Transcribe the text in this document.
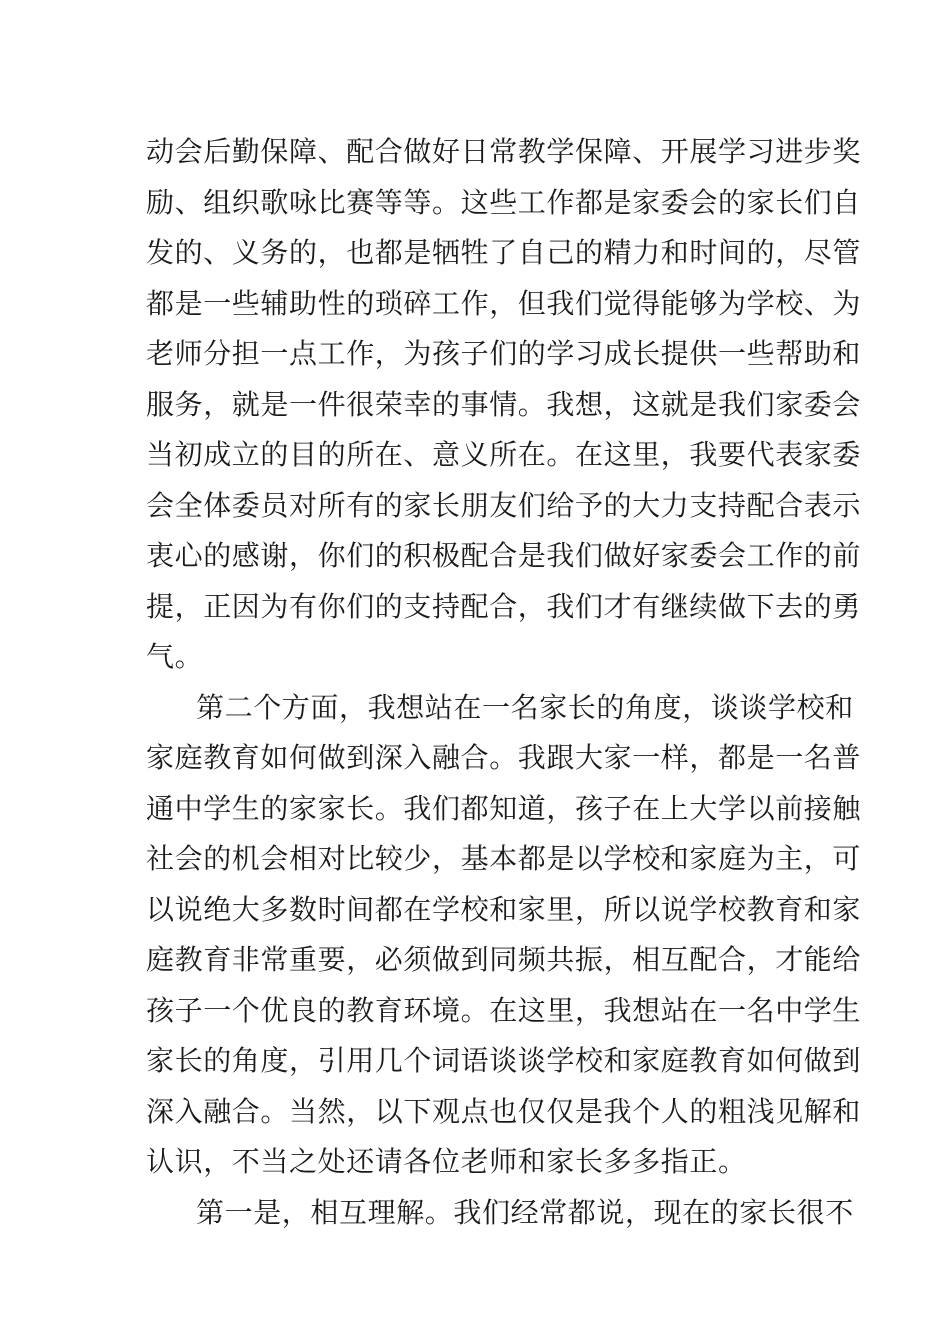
动会后勤保障、配合做好日常教学保障、开展学习进步奖
励、组织歌咏比赛等等。这些工作都是家委会的家长们自
发的、义务的，也都是牺牲了自己的精力和时间的，尽管
都是一些辅助性的琐碎工作，但我们觉得能够为学校、为
老师分担一点工作，为孩子们的学习成长提供一些帮助和
服务，就是一件很荣幸的事情。我想，这就是我们家委会
当初成立的目的所在、意义所在。在这里，我要代表家委
会全体委员对所有的家长朋友们给予的大力支持配合表示
衷心的感谢，你们的积极配合是我们做好家委会工作的前
提，正因为有你们的支持配合，我们才有继续做下去的勇
气。
第二个方面，我想站在一名家长的角度，谈谈学校和
家庭教育如何做到深入融合。我跟大家一样，都是一名普
通中学生的家家长。我们都知道，孩子在上大学以前接触
社会的机会相对比较少，基本都是以学校和家庭为主，可
以说绝大多数时间都在学校和家里，所以说学校教育和家
庭教育非常重要，必须做到同频共振，相互配合，才能给
孩子一个优良的教育环境。在这里，我想站在一名中学生
家长的角度，引用几个词语谈谈学校和家庭教育如何做到
深入融合。当然，以下观点也仅仅是我个人的粗浅见解和
认识，不当之处还请各位老师和家长多多指正。
第一是，相互理解。我们经常都说，现在的家长很不
